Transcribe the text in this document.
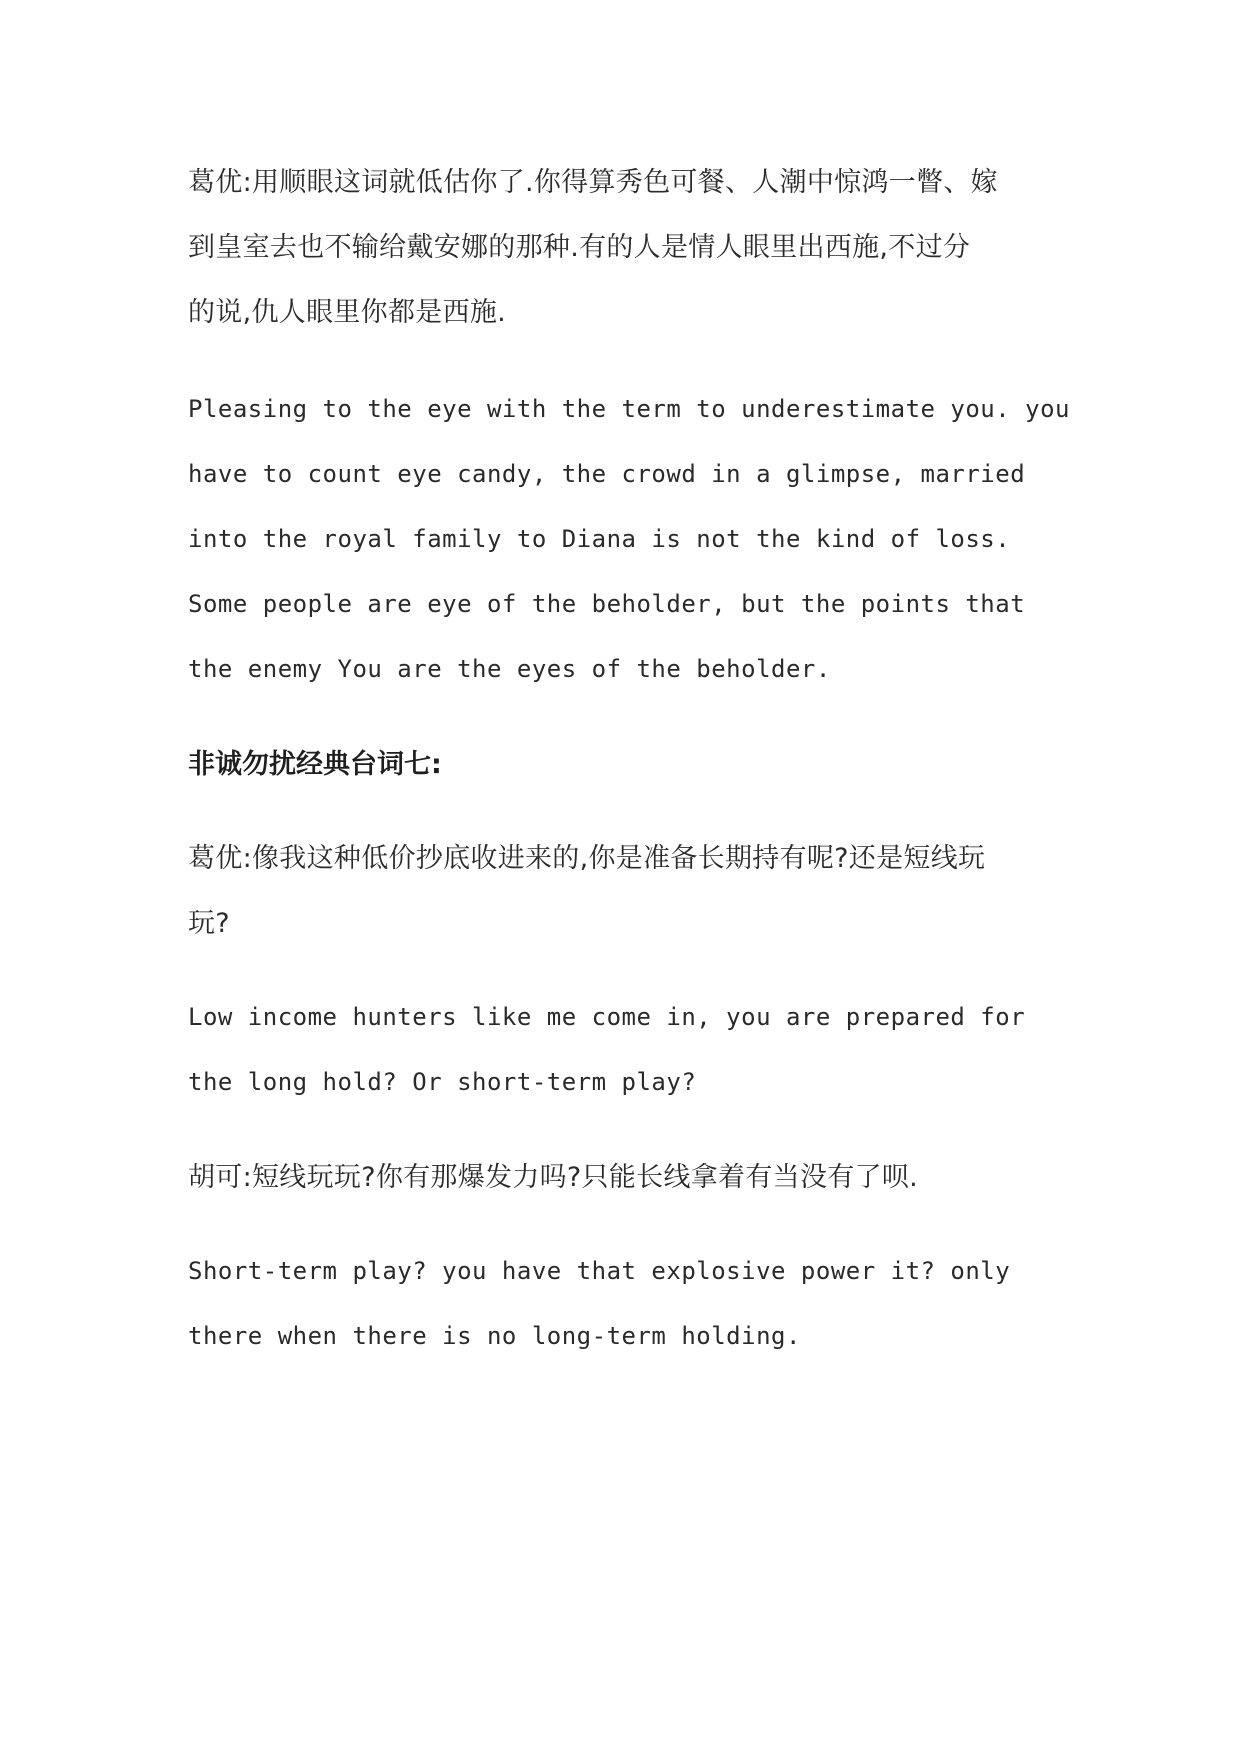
葛优:用顺眼这词就低估你了.你得算秀色可餐、人潮中惊鸿一瞥、嫁
到皇室去也不输给戴安娜的那种.有的人是情人眼里出西施,不过分
的说,仇人眼里你都是西施.

Pleasing to the eye with the term to underestimate you. you
have to count eye candy, the crowd in a glimpse, married
into the royal family to Diana is not the kind of loss.
Some people are eye of the beholder, but the points that
the enemy You are the eyes of the beholder.

非诚勿扰经典台词七:

葛优:像我这种低价抄底收进来的,你是准备长期持有呢?还是短线玩
玩?

Low income hunters like me come in, you are prepared for
the long hold? Or short-term play?

胡可:短线玩玩?你有那爆发力吗?只能长线拿着有当没有了呗.

Short-term play? you have that explosive power it? only
there when there is no long-term holding.
